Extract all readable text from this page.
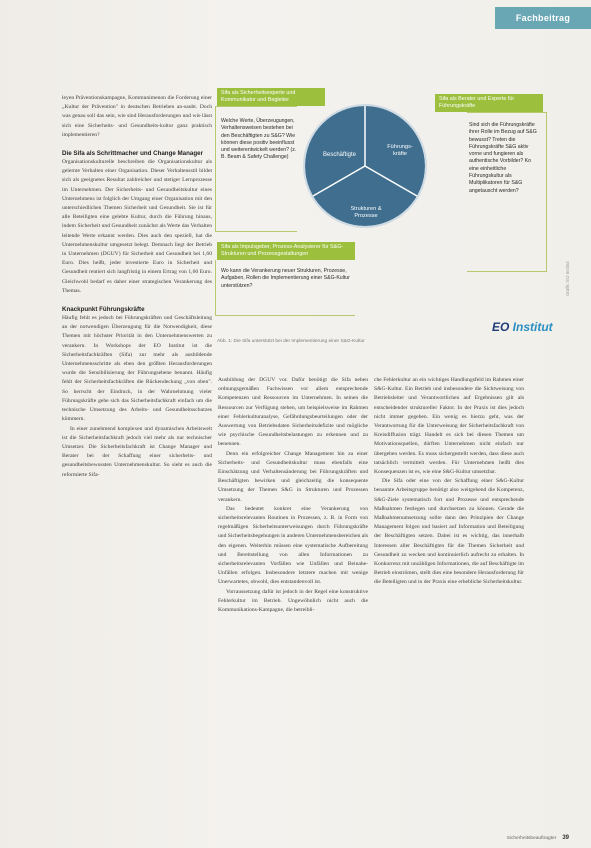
Fachbeitrag

leyen Präventionskampagne, Kommunimenon die Forderung einer „Kultur der Prävention" in deutschen Betrieben an-saubt. Doch was genau soll das sein, wie sind Herausforderungen und wie lässt sich eine Sicherheits- und Gesundheits-kultur ganz praktisch implementieren?

Die Sifa als Schrittmacher und Change Manager

Organisationskulturelle beschreiben die Organisationskultur als gelernte Verhalten einer Organisation. Dieser Verhaltensstil bildet sich als geeignetes Resultat zahlreicher und stetiger Lernprozesse im Unternehmen. Der Sicherheits- und Gesundheitskultur eines Unternehmens ist folglich der Umgang einer Organisation mit den unterschiedlichen Themen Sicherheit und Gesundheit. Sie ist für alle Beteiligten eine gelebte Kultur, durch die Führung hinaus, indem Sicherheit und Gesundheit zunächst als Werte das Verhalten leitende Werte erkannt werden. Dies auch den speziell, hat die Unternehmenskultur umgesetzt belegt. Demnach liegt der Betrieb in Unternehmen (DGUV) für Sicherheit und Gesundheit bei 1,60 Euro. Dies heißt, jeder investierte Euro in Sicherheit und Gesundheit rentiert sich langfristig in einem Ertrag von 1,60 Euro. Gleichwohl bedarf es daher einer strategischen Verankerung des Themas.

Knackpunkt Führungskräfte

Häufig fehlt es jedoch bei Führungskräften und Geschäftsleitung an der notwendigen Überzeugung für die Notwendigkeit, diese Themen mit höchster Priorität in den Unternehmenswerten zu verankern. In Workshops der EO Institut ist die Sicherheitsfachkräften (Sifa) zur mehr als ausbildende Unternehmensschritte als eben den größten Herausforderungen wurde die Sensibilisierung der Führungsebene benannt. Häufig fehlt der Sicherheitsfachkräften die Rückendeckung „von oben". So herrscht der Eindruck, in der Wahrnehmung vieler Führungskräfte gehe sich das Sicherheitsfachkraft einfach um die technische Umsetzung des Arbeits- und Gesundheitsschutzes kümmern.

In einer zunehmend komplexen und dynamischen Arbeitswelt ist die Sicherheitsfachkraft jedoch viel mehr als nur technischer Umsetzer. Die Sicherheitsfachkraft ist Change Manager und Berater bei der Schaffung einer sicherheits- und gesundheitsbewussten Unternehmenskultur. So sieht es auch die reformierte Sifa-

Beschäftigte
Führungs-
kräfte
Strukturen &
Prozesse
Sifa als Sicherheitsexperte und Kommunikator und Begleiter
Welche Werte, Überzeugungen, Verhaltensweisen bestehen bei den Beschäftigten zu S&G? Wie können diese positiv beeinflusst und weiterentwickelt werden? (z. B. Beam & Safety Challenge)
Sifa als Berater und Experte für Führungskräfte
Sind sich die Führungskräfte ihrer Rolle im Bezug auf S&G bewusst? Treten die Führungskräfte S&G aktiv vorne und fungieren als authentische Vorbilder? Ko eine einheitliche Führungskultur als Multiplikatoren für S&G angetauscht werden?
Sifa als Impulsgeber, Prozess-Analysierer für S&G-Strukturen und Prozessgestaltungen
Wo kann die Verankerung neuer Strukturen, Prozesse, Aufgaben, Rollen die Implementierung einer S&G-Kultur unterstützen?
EO Institut
Grafik: EO Institut
Abb. 1: Die Sifa unterstützt bei der Implementierung einer S&G-Kultur

Ausbildung der DGUV vor. Dafür benötigt die Sifa neben ordnungsgemäßen Fachwissen vor allem entsprechende Kompetenzen und Ressourcen im Unternehmen. In seinen die Ressourcen zur Verfügung stehen, um beispielsweise im Rahmen einer Fehlerkulturanalyse, Gefährdungsbeurteilungen oder der Auswertung von Betriebsdaten Sicherheitsdefizite und mögliche wie psychische Gesundheitsbelastungen zu erkennen und zu benennen.

Denn ein erfolgreicher Change Management hin zu einer Sicherheits- und Gesundheitskultur muss ebenfalls eine Einschätzung und Verhaltensänderung bei Führungskräften und Beschäftigten bewirken und gleichzeitig die konsequente Umsetzung der Themen S&G in Strukturen und Prozessen verankern.

Das bedeutet konkret eine Verankerung von sicherheitsrelevanten Routinen in Prozessen, z. B. in Form von regelmäßigen Sicherheitsunterweisungen durch Führungskräfte und Sicherheitsbegehungen in anderen Unternehmensbereichen als den eigenen. Weiterhin müssen eine systematische Aufbereitung und Bereitstellung von allen Informationen zu sicherheitsrelevanten Vorfällen wie Unfällen und Beinahe-Unfällen erfolgen. Insbesondere letztere machen mit wenige Unerwartetes, obwohl, dies entstandenvoll ist.

Vorraussetzung dafür ist jedoch in der Regel eine konstruktive Fehlerkultur im Betrieb. Ungewöhnlich nicht auch die Kommunikations-Kampagne, die betreibli-

che Fehlerkultur an ein wichtiges Handlungsfeld im Rahmen einer S&G-Kultur. Ein Betrieb und insbesondere die Sichtweisung von Betriebsleiter und Verantwortlichen auf Ergebnissen gilt als entscheidender struktureller Faktor. In der Praxis ist dies jedoch nicht immer gegeben. Ein wenig es hierzu geht, was der Verantwortung für die Unterweisung der Sicherheitsfachkraft von Kreisdiffusion trägt. Handelt es sich bei diesen Themen um Motivationsquellen, dürften Unternehmen nicht einfach nur übergeben werden. Es muss sichergestellt werden, dass diese auch tatsächlich vermittelt werden. Für Unternehmen heißt dies Konsequenzen ist es, wie eine S&G-Kultur umsetzbar.

Die Sifa oder eine von der Schaffung einer S&G-Kultur benannte Arbeitsgruppe benötigt also weitgehend die Kompetenz, S&G-Ziele systematisch fort und Prozesse und entsprechende Maßnahmen festlegen und durchsetzen zu können. Gerade die Maßnahmenumsetzung sollte dann den Prinzipien der Change Management folgen und basiert auf Information und Beteiligung der Beschäftigten setzen. Dabei ist es wichtig, das innerhalb Interessen aller Beschäftigten für die Themen Sicherheit und Gesundheit zu wecken und kontinuierlich aufrecht zu erhalten. In Konkurrenz mit unzähligen Informationen, die auf Beschäftigte im Betrieb einströmen, stellt dies eine besondere Herausforderung für die Beteiligten und in der Praxis eine erhebliche Sicherheitskultur.

Sicherheitsbeauftragter 39
